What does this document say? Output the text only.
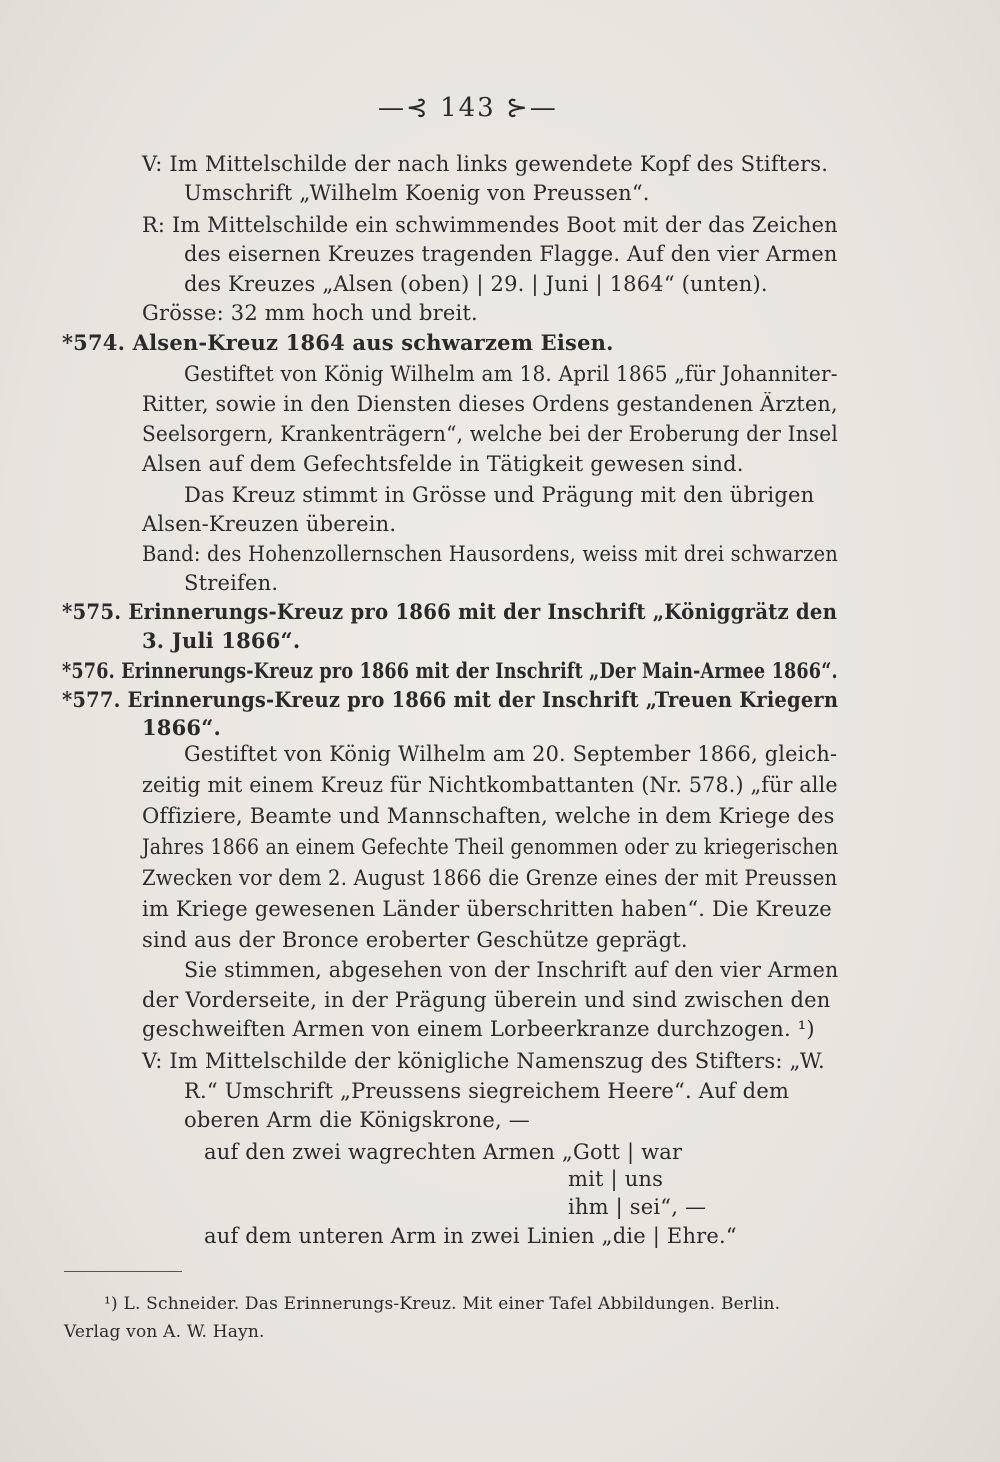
—⊰ 143 ⊱—
V: Im Mittelschilde der nach links gewendete Kopf des Stifters.
Umschrift „Wilhelm Koenig von Preussen“.
R: Im Mittelschilde ein schwimmendes Boot mit der das Zeichen
des eisernen Kreuzes tragenden Flagge. Auf den vier Armen
des Kreuzes „Alsen (oben) | 29. | Juni | 1864“ (unten).
Grösse: 32 mm hoch und breit.
*574. Alsen-Kreuz 1864 aus schwarzem Eisen.
Gestiftet von König Wilhelm am 18. April 1865 „für Johanniter-
Ritter, sowie in den Diensten dieses Ordens gestandenen Ärzten,
Seelsorgern, Krankenträgern“, welche bei der Eroberung der Insel
Alsen auf dem Gefechtsfelde in Tätigkeit gewesen sind.
Das Kreuz stimmt in Grösse und Prägung mit den übrigen
Alsen-Kreuzen überein.
Band: des Hohenzollernschen Hausordens, weiss mit drei schwarzen
Streifen.
*575. Erinnerungs-Kreuz pro 1866 mit der Inschrift „Königgrätz den
3. Juli 1866“.
*576. Erinnerungs-Kreuz pro 1866 mit der Inschrift „Der Main-Armee 1866“.
*577. Erinnerungs-Kreuz pro 1866 mit der Inschrift „Treuen Kriegern
1866“.
Gestiftet von König Wilhelm am 20. September 1866, gleich-
zeitig mit einem Kreuz für Nichtkombattanten (Nr. 578.) „für alle
Offiziere, Beamte und Mannschaften, welche in dem Kriege des
Jahres 1866 an einem Gefechte Theil genommen oder zu kriegerischen
Zwecken vor dem 2. August 1866 die Grenze eines der mit Preussen
im Kriege gewesenen Länder überschritten haben“. Die Kreuze
sind aus der Bronce eroberter Geschütze geprägt.
Sie stimmen, abgesehen von der Inschrift auf den vier Armen
der Vorderseite, in der Prägung überein und sind zwischen den
geschweiften Armen von einem Lorbeerkranze durchzogen. ¹)
V: Im Mittelschilde der königliche Namenszug des Stifters: „W.
R.“ Umschrift „Preussens siegreichem Heere“. Auf dem
oberen Arm die Königskrone, —
auf den zwei wagrechten Armen „Gott | war
mit | uns
ihm | sei“, —
auf dem unteren Arm in zwei Linien „die | Ehre.“
¹) L. Schneider. Das Erinnerungs-Kreuz. Mit einer Tafel Abbildungen. Berlin.
Verlag von A. W. Hayn.
